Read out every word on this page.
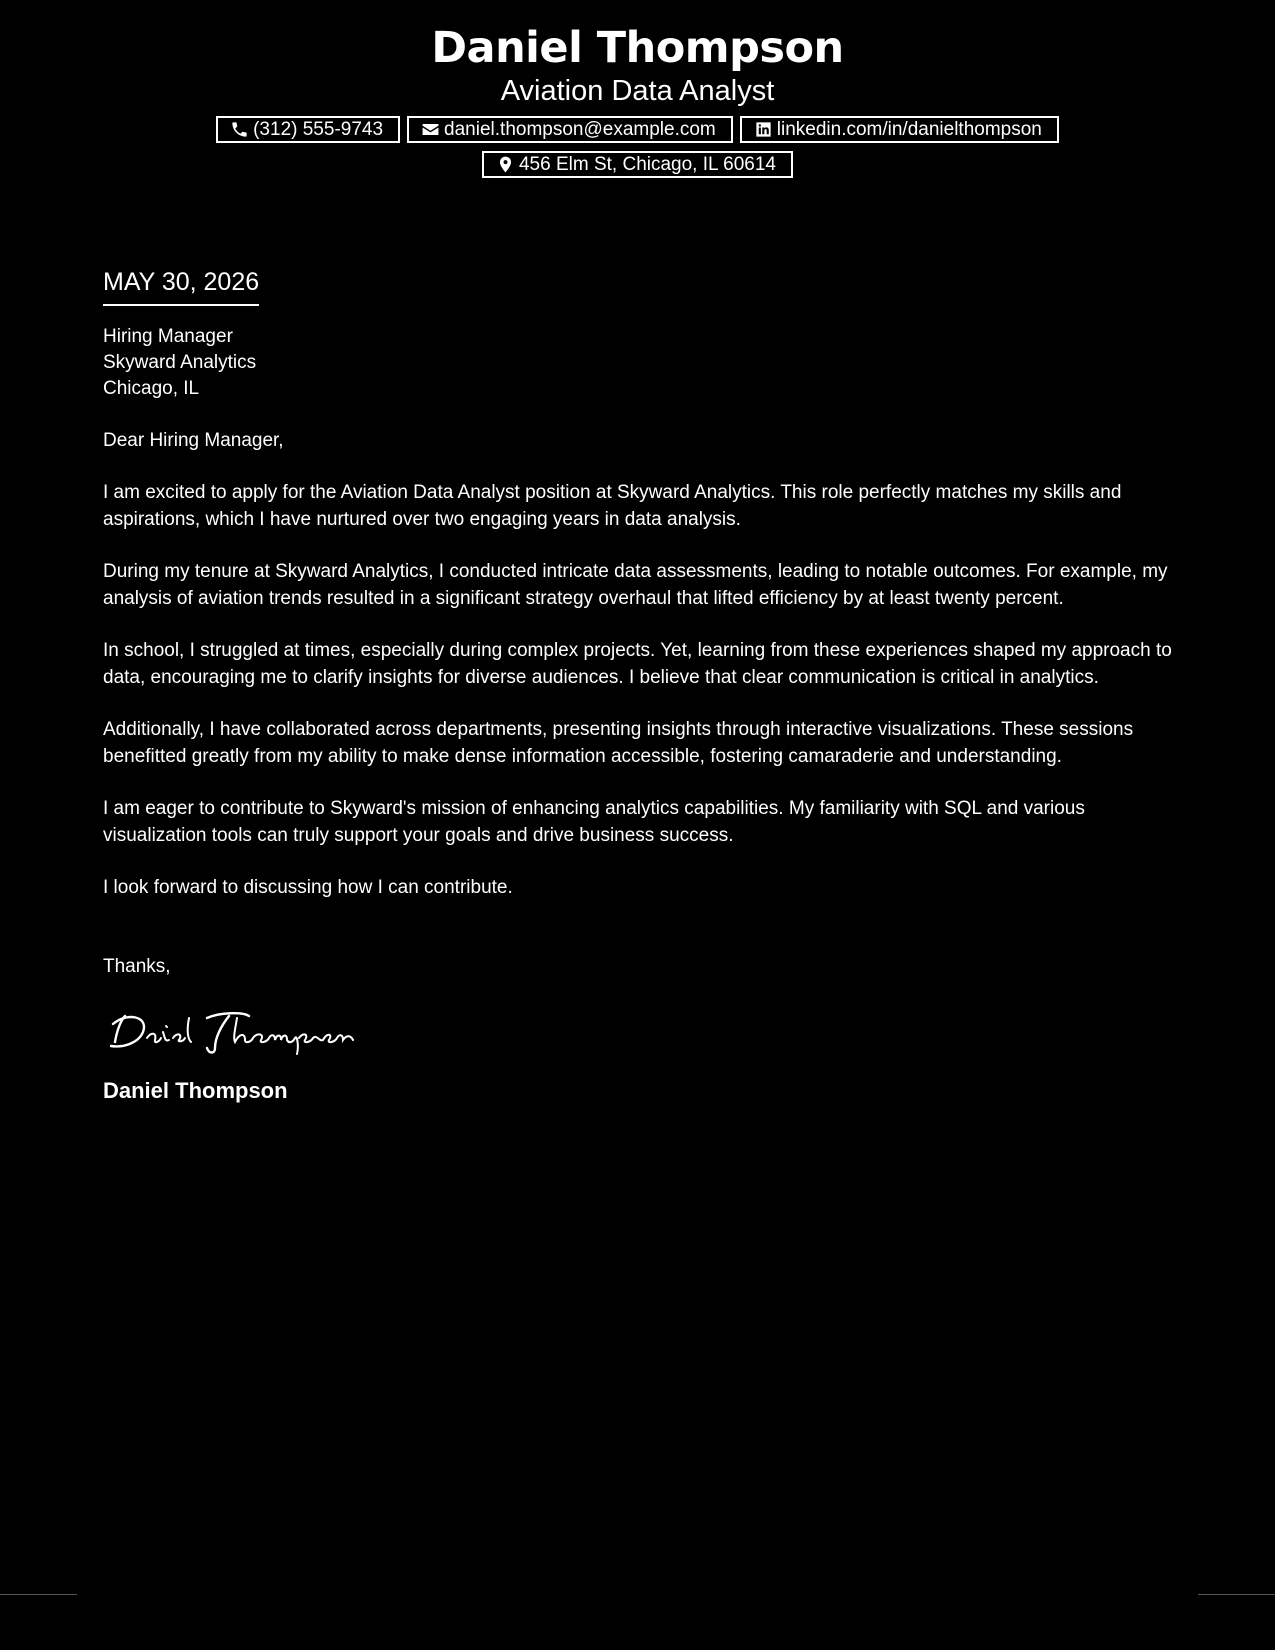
Daniel Thompson
Aviation Data Analyst
(312) 555-9743	daniel.thompson@example.com	linkedin.com/in/danielthompson
456 Elm St, Chicago, IL 60614
MAY 30, 2026
Hiring Manager
Skyward Analytics
Chicago, IL
Dear Hiring Manager,

I am excited to apply for the Aviation Data Analyst position at Skyward Analytics. This role perfectly matches my skills and aspirations, which I have nurtured over two engaging years in data analysis.

During my tenure at Skyward Analytics, I conducted intricate data assessments, leading to notable outcomes. For example, my analysis of aviation trends resulted in a significant strategy overhaul that lifted efficiency by at least twenty percent.

In school, I struggled at times, especially during complex projects. Yet, learning from these experiences shaped my approach to data, encouraging me to clarify insights for diverse audiences. I believe that clear communication is critical in analytics.

Additionally, I have collaborated across departments, presenting insights through interactive visualizations. These sessions benefitted greatly from my ability to make dense information accessible, fostering camaraderie and understanding.

I am eager to contribute to Skyward's mission of enhancing analytics capabilities. My familiarity with SQL and various visualization tools can truly support your goals and drive business success.

I look forward to discussing how I can contribute.

Thanks,
Daniel Thompson
